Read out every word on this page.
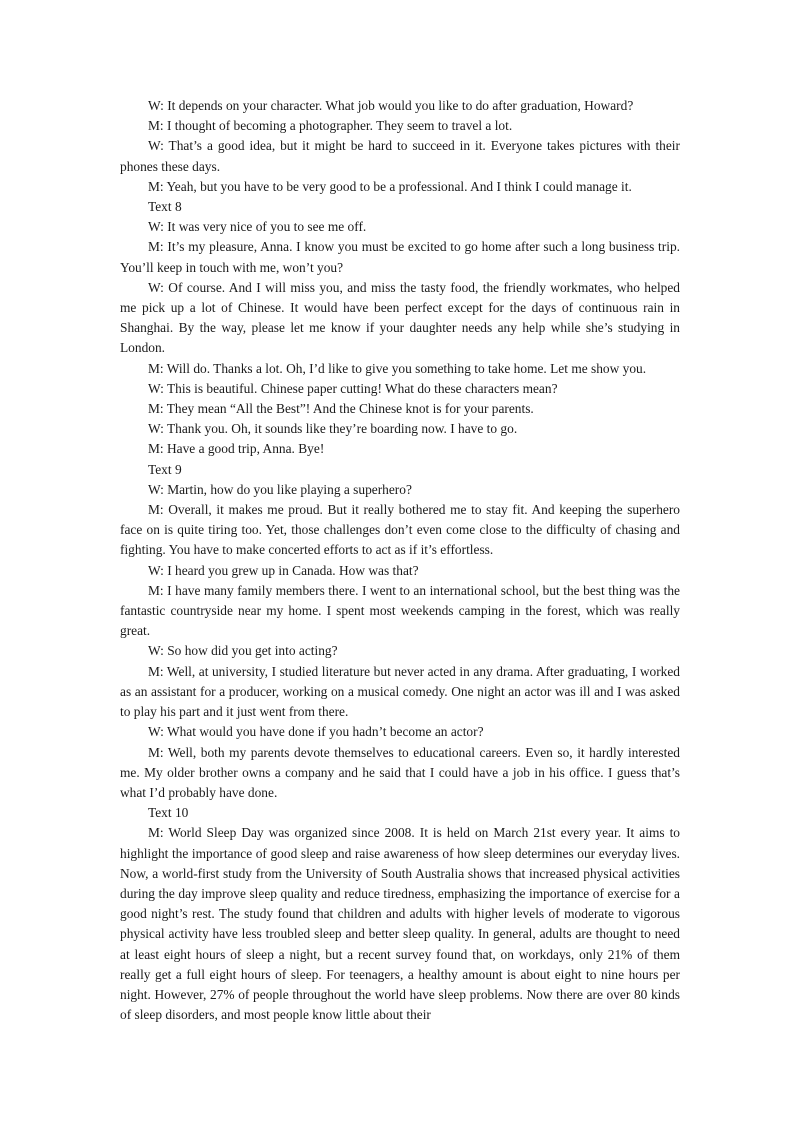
W: It depends on your character. What job would you like to do after graduation, Howard?

M: I thought of becoming a photographer. They seem to travel a lot.

W: That’s a good idea, but it might be hard to succeed in it. Everyone takes pictures with their phones these days.

M: Yeah, but you have to be very good to be a professional. And I think I could manage it.

Text 8

W: It was very nice of you to see me off.

M: It’s my pleasure, Anna. I know you must be excited to go home after such a long business trip. You’ll keep in touch with me, won’t you?

W: Of course. And I will miss you, and miss the tasty food, the friendly workmates, who helped me pick up a lot of Chinese. It would have been perfect except for the days of continuous rain in Shanghai. By the way, please let me know if your daughter needs any help while she’s studying in London.

M: Will do. Thanks a lot. Oh, I’d like to give you something to take home. Let me show you.

W: This is beautiful. Chinese paper cutting! What do these characters mean?

M: They mean “All the Best”! And the Chinese knot is for your parents.

W: Thank you. Oh, it sounds like they’re boarding now. I have to go.

M: Have a good trip, Anna. Bye!

Text 9

W: Martin, how do you like playing a superhero?

M: Overall, it makes me proud. But it really bothered me to stay fit. And keeping the superhero face on is quite tiring too. Yet, those challenges don’t even come close to the difficulty of chasing and fighting. You have to make concerted efforts to act as if it’s effortless.

W: I heard you grew up in Canada. How was that?

M: I have many family members there. I went to an international school, but the best thing was the fantastic countryside near my home. I spent most weekends camping in the forest, which was really great.

W: So how did you get into acting?

M: Well, at university, I studied literature but never acted in any drama. After graduating, I worked as an assistant for a producer, working on a musical comedy. One night an actor was ill and I was asked to play his part and it just went from there.

W: What would you have done if you hadn’t become an actor?

M: Well, both my parents devote themselves to educational careers. Even so, it hardly interested me. My older brother owns a company and he said that I could have a job in his office. I guess that’s what I’d probably have done.

Text 10

M: World Sleep Day was organized since 2008. It is held on March 21st every year. It aims to highlight the importance of good sleep and raise awareness of how sleep determines our everyday lives. Now, a world-first study from the University of South Australia shows that increased physical activities during the day improve sleep quality and reduce tiredness, emphasizing the importance of exercise for a good night’s rest. The study found that children and adults with higher levels of moderate to vigorous physical activity have less troubled sleep and better sleep quality. In general, adults are thought to need at least eight hours of sleep a night, but a recent survey found that, on workdays, only 21% of them really get a full eight hours of sleep. For teenagers, a healthy amount is about eight to nine hours per night. However, 27% of people throughout the world have sleep problems. Now there are over 80 kinds of sleep disorders, and most people know little about their
